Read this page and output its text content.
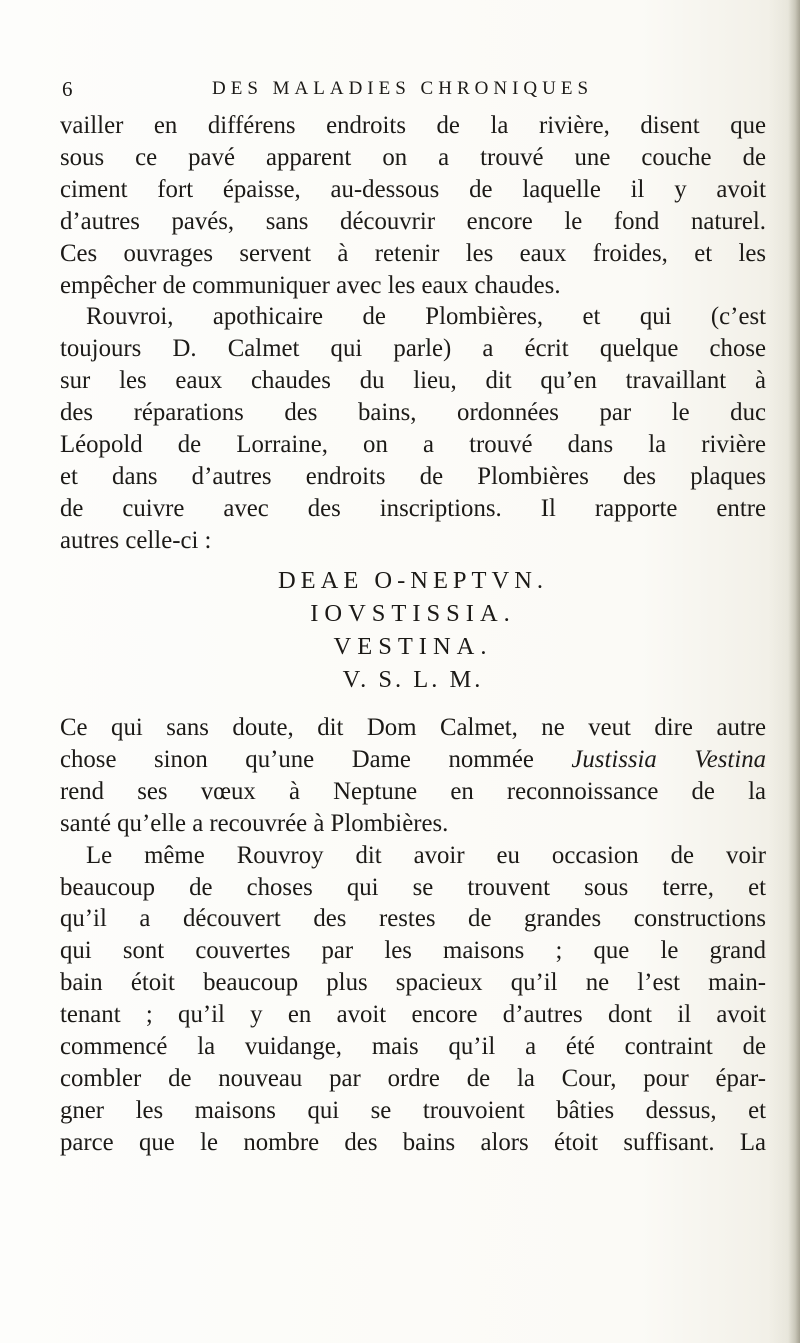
6	DES MALADIES CHRONIQUES
vailler en différens endroits de la rivière, disent que
sous ce pavé apparent on a trouvé une couche de
ciment fort épaisse, au-dessous de laquelle il y avoit
d’autres pavés, sans découvrir encore le fond naturel.
Ces ouvrages servent à retenir les eaux froides, et les
empêcher de communiquer avec les eaux chaudes.
Rouvroi, apothicaire de Plombières, et qui (c’est
toujours D. Calmet qui parle) a écrit quelque chose
sur les eaux chaudes du lieu, dit qu’en travaillant à
des réparations des bains, ordonnées par le duc
Léopold de Lorraine, on a trouvé dans la rivière
et dans d’autres endroits de Plombières des plaques
de cuivre avec des inscriptions. Il rapporte entre
autres celle-ci :
DEAE O-NEPTVN.
IOVSTISSIA.
VESTINA.
V. S. L. M.
Ce qui sans doute, dit Dom Calmet, ne veut dire autre
chose sinon qu’une Dame nommée Justissia Vestina
rend ses vœux à Neptune en reconnoissance de la
santé qu’elle a recouvrée à Plombières.
Le même Rouvroy dit avoir eu occasion de voir
beaucoup de choses qui se trouvent sous terre, et
qu’il a découvert des restes de grandes constructions
qui sont couvertes par les maisons ; que le grand
bain étoit beaucoup plus spacieux qu’il ne l’est main-
tenant ; qu’il y en avoit encore d’autres dont il avoit
commencé la vuidange, mais qu’il a été contraint de
combler de nouveau par ordre de la Cour, pour épar-
gner les maisons qui se trouvoient bâties dessus, et
parce que le nombre des bains alors étoit suffisant. La
